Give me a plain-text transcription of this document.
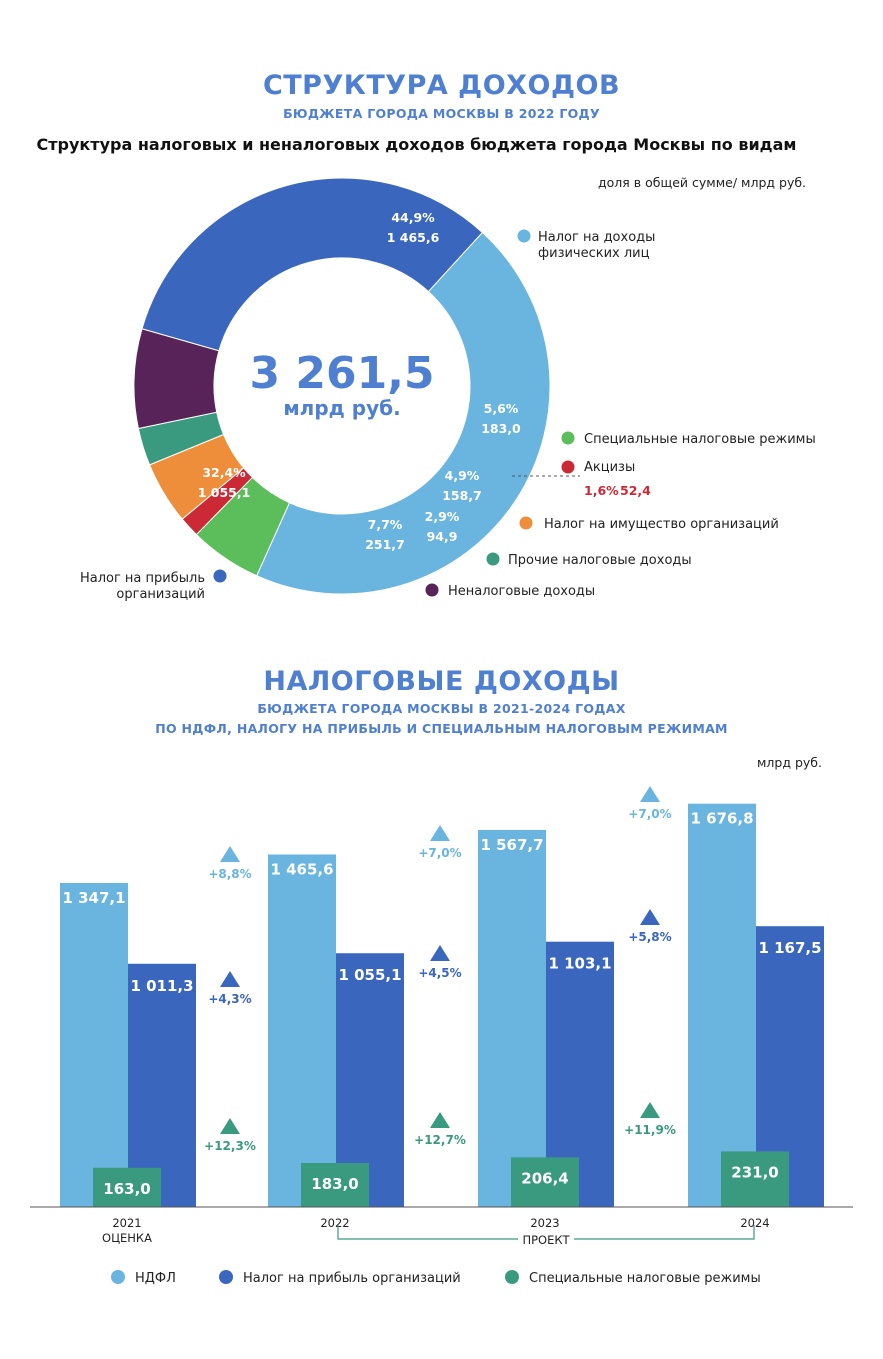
СТРУКТУРА ДОХОДОВ
БЮДЖЕТА ГОРОДА МОСКВЫ В 2022 ГОДУ
Структура налоговых и неналоговых доходов бюджета города Москвы по видам
доля в общей сумме/ млрд руб.
3 261,5
млрд руб.
44,9%
1 465,6
5,6%
183,0
4,9%
158,7
2,9%
94,9
7,7%
251,7
32,4%
1 055,1
Налог на доходы
физических лиц
Специальные налоговые режимы
Акцизы
Налог на имущество организаций
Прочие налоговые доходы
Неналоговые доходы
Налог на прибыль
организаций
1,6% 52,4
НАЛОГОВЫЕ ДОХОДЫ
БЮДЖЕТА ГОРОДА МОСКВЫ В 2021-2024 ГОДАХ
ПО НДФЛ, НАЛОГУ НА ПРИБЫЛЬ И СПЕЦИАЛЬНЫМ НАЛОГОВЫМ РЕЖИМАМ
млрд руб.
1 347,1
1 011,3
163,0
1 465,6
1 055,1
183,0
1 567,7
1 103,1
206,4
1 676,8
1 167,5
231,0
2021
ОЦЕНКА
2022	2023	2024
ПРОЕКТ
+8,8%
+7,0%
+7,0%
+4,3%
+4,5%
+5,8%
+12,3%	+12,7%
+11,9%
НДФЛ	Налог на прибыль организаций	Специальные налоговые режимы
